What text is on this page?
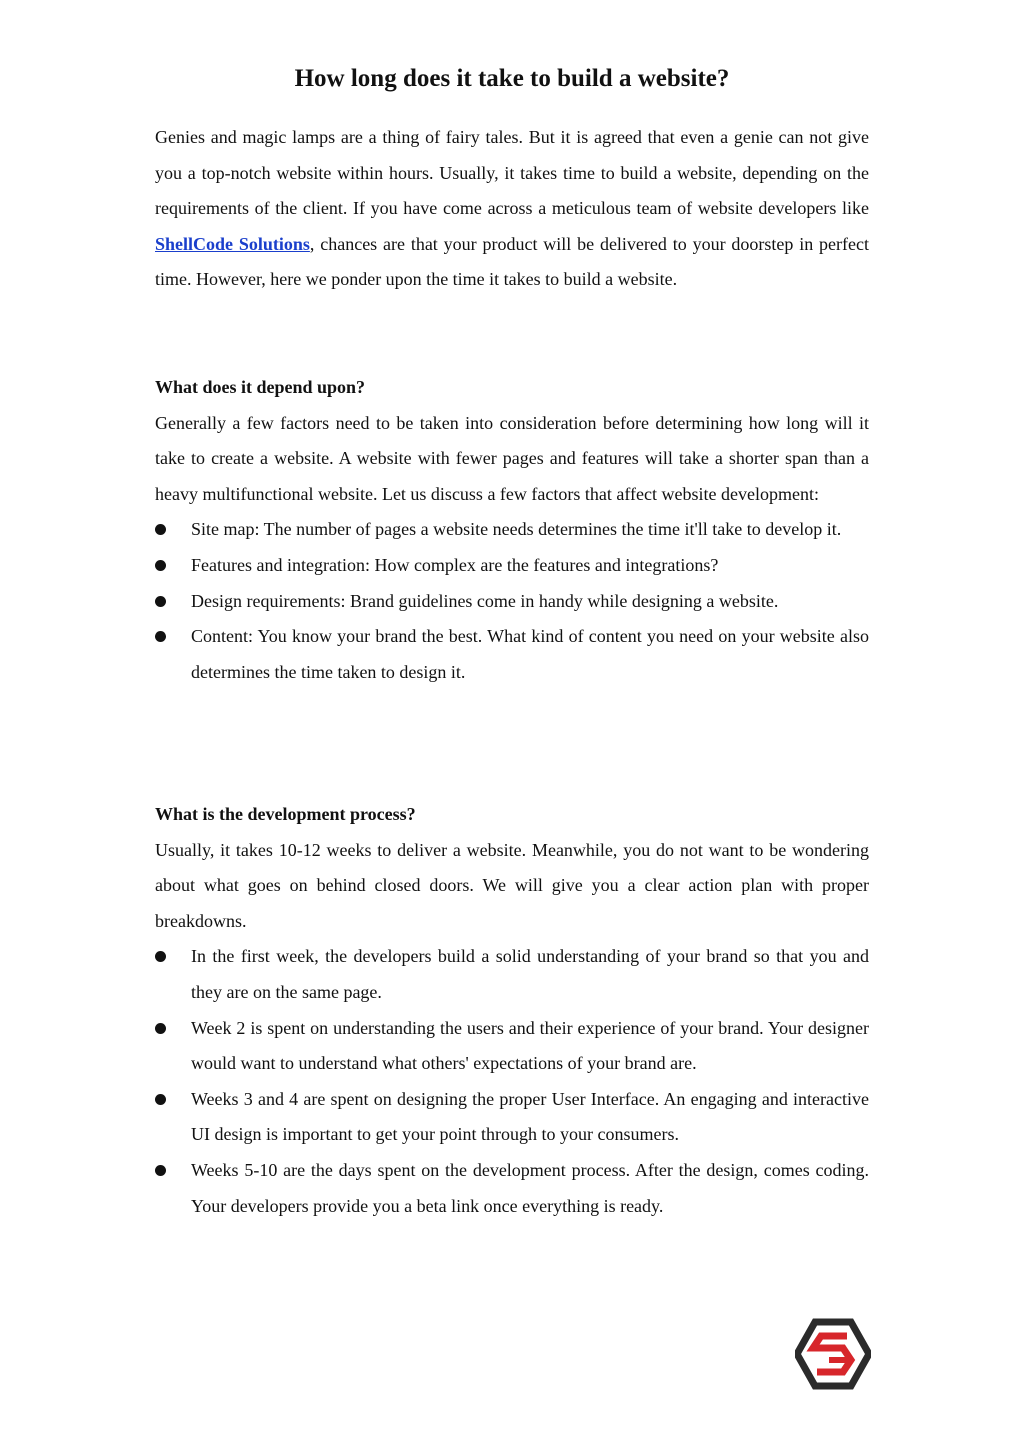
How long does it take to build a website?

Genies and magic lamps are a thing of fairy tales. But it is agreed that even a genie can not give you a top-notch website within hours. Usually, it takes time to build a website, depending on the requirements of the client. If you have come across a meticulous team of website developers like ShellCode Solutions, chances are that your product will be delivered to your doorstep in perfect time. However, here we ponder upon the time it takes to build a website.

What does it depend upon?

Generally a few factors need to be taken into consideration before determining how long will it take to create a website. A website with fewer pages and features will take a shorter span than a heavy multifunctional website. Let us discuss a few factors that affect website development:

Site map: The number of pages a website needs determines the time it'll take to develop it.
Features and integration: How complex are the features and integrations?
Design requirements: Brand guidelines come in handy while designing a website.
Content: You know your brand the best. What kind of content you need on your website also determines the time taken to design it.
What is the development process?

Usually, it takes 10-12 weeks to deliver a website. Meanwhile, you do not want to be wondering about what goes on behind closed doors. We will give you a clear action plan with proper breakdowns.

In the first week, the developers build a solid understanding of your brand so that you and they are on the same page.
Week 2 is spent on understanding the users and their experience of your brand. Your designer would want to understand what others' expectations of your brand are.
Weeks 3 and 4 are spent on designing the proper User Interface. An engaging and interactive UI design is important to get your point through to your consumers.
Weeks 5-10 are the days spent on the development process. After the design, comes coding. Your developers provide you a beta link once everything is ready.
